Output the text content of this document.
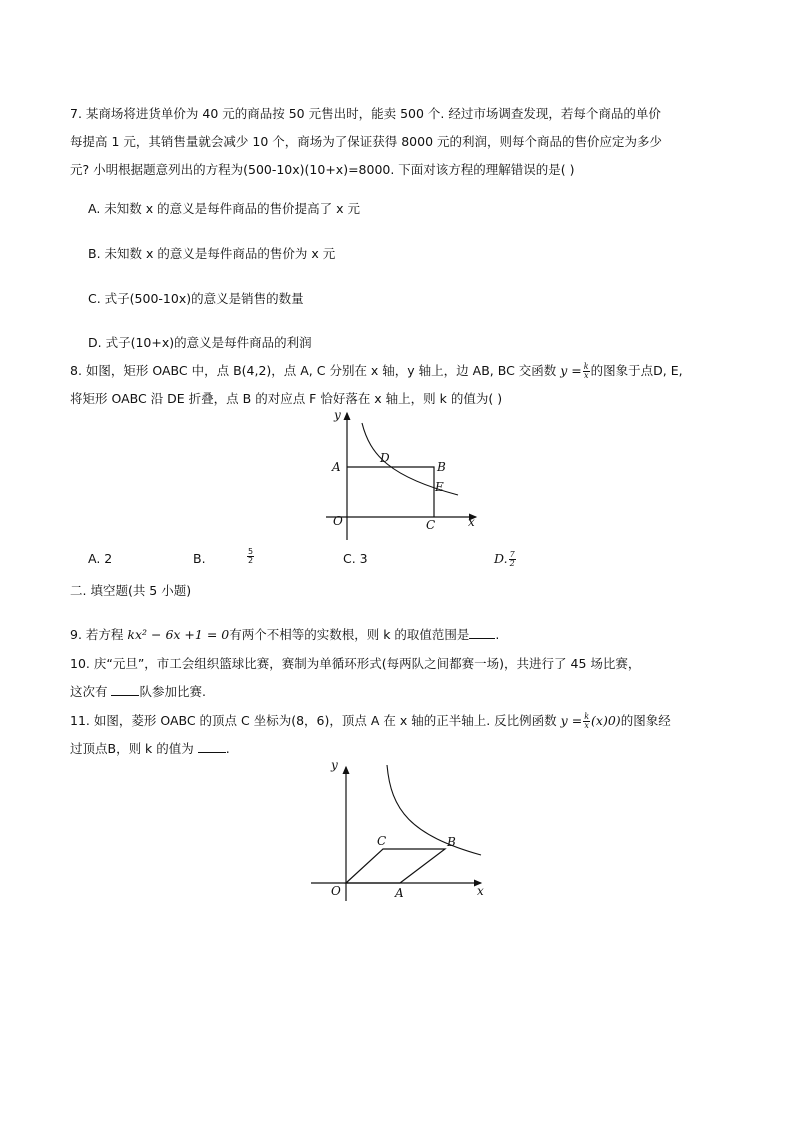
7. 某商场将进货单价为 40 元的商品按 50 元售出时，能卖 500 个. 经过市场调查发现，若每个商品的单价
每提高 1 元，其销售量就会减少 10 个，商场为了保证获得 8000 元的利润，则每个商品的售价应定为多少
元? 小明根据题意列出的方程为(500-10x)(10+x)=8000. 下面对该方程的理解错误的是( )
A. 未知数 x 的意义是每件商品的售价提高了 x 元
B. 未知数 x 的意义是每件商品的售价为 x 元
C. 式子(500-10x)的意义是销售的数量
D. 式子(10+x)的意义是每件商品的利润
8. 如图，矩形 OABC 中，点 B(4,2)，点 A, C 分别在 x 轴，y 轴上，边 AB, BC 交函数 $y = \frac{k}{x}$ 的图象于点D, E,
将矩形 OABC 沿 DE 折叠，点 B 的对应点 F 恰好落在 x 轴上，则 k 的值为( )
y
x
O
A	B
C
D
E
A. 2	B.	$\frac{5}{2}$	C. 3	D. $\frac{7}{2}$
二. 填空题(共 5 小题)
9. 若方程 kx² − 6x +1 = 0有两个不相等的实数根，则 k 的取值范围是 .
10. 庆“元旦”，市工会组织篮球比赛，赛制为单循环形式(每两队之间都赛一场)，共进行了 45 场比赛，
这次有 队参加比赛.
11. 如图，菱形 OABC 的顶点 C 坐标为(8，6)，顶点 A 在 x 轴的正半轴上. 反比例函数 $y = \frac{k}{x} (x)0$)的图象经
过顶点B，则 k 的值为 .
y
x
O	A
B
C
